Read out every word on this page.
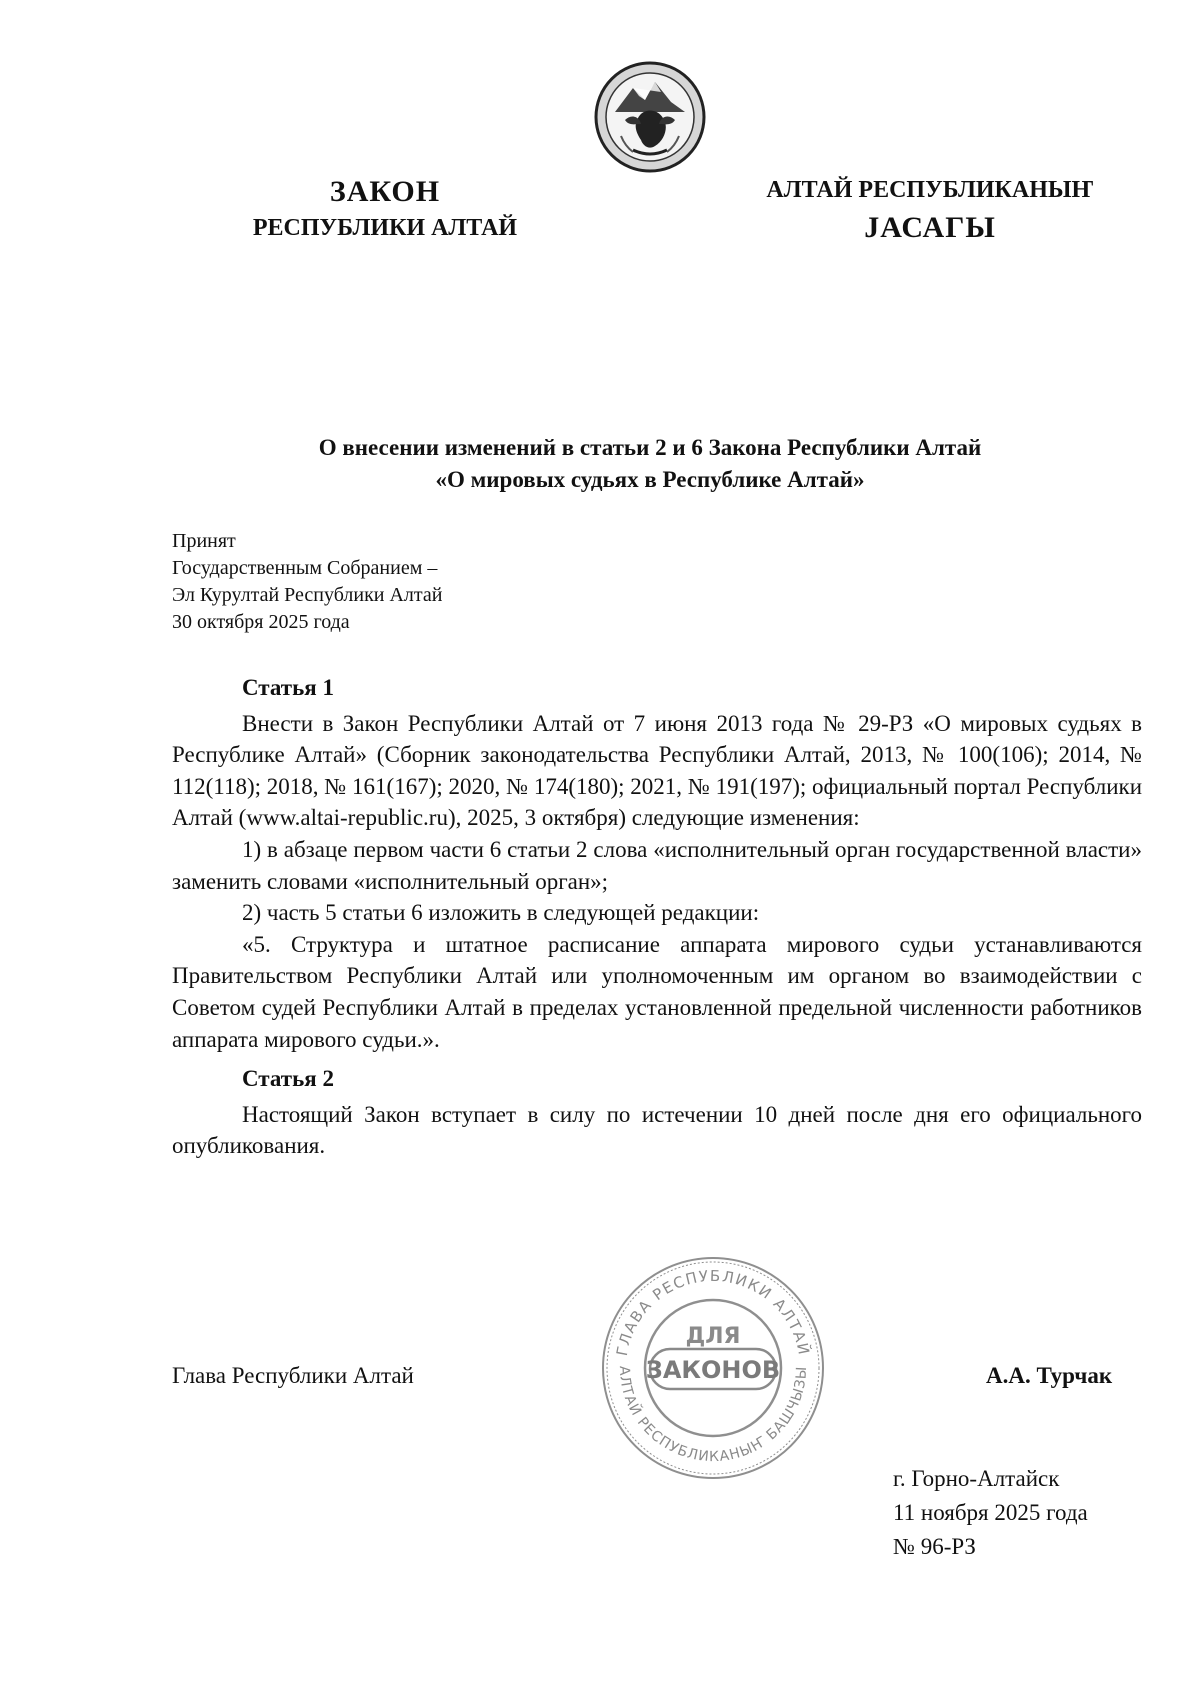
ЗАКОН
РЕСПУБЛИКИ АЛТАЙ
АЛТАЙ РЕСПУБЛИКАНЫҤ
JАСАГЫ
О внесении изменений в статьи 2 и 6 Закона Республики Алтай
«О мировых судьях в Республике Алтай»
Принят
Государственным Собранием –
Эл Курултай Республики Алтай
30 октября 2025 года

Статья 1

Внести в Закон Республики Алтай от 7 июня 2013 года № 29-РЗ «О мировых судьях в Республике Алтай» (Сборник законодательства Республики Алтай, 2013, № 100(106); 2014, № 112(118); 2018, № 161(167); 2020, № 174(180); 2021, № 191(197); официальный портал Республики Алтай (www.altai-republic.ru), 2025, 3 октября) следующие изменения:

1) в абзаце первом части 6 статьи 2 слова «исполнительный орган государственной власти» заменить словами «исполнительный орган»;

2) часть 5 статьи 6 изложить в следующей редакции:

«5. Структура и штатное расписание аппарата мирового судьи устанавливаются Правительством Республики Алтай или уполномоченным им органом во взаимодействии с Советом судей Республики Алтай в пределах установленной предельной численности работников аппарата мирового судьи.».

Статья 2

Настоящий Закон вступает в силу по истечении 10 дней после дня его официального опубликования.

Глава Республики Алтай	А.А. Турчак
ГЛАВА РЕСПУБЛИКИ АЛТАЙ
АЛТАЙ РЕСПУБЛИКАНЫҤ БАШЧЫЗЫ
ДЛЯ
ЗАКОНОВ
г. Горно-Алтайск
11 ноября 2025 года
№ 96-РЗ
